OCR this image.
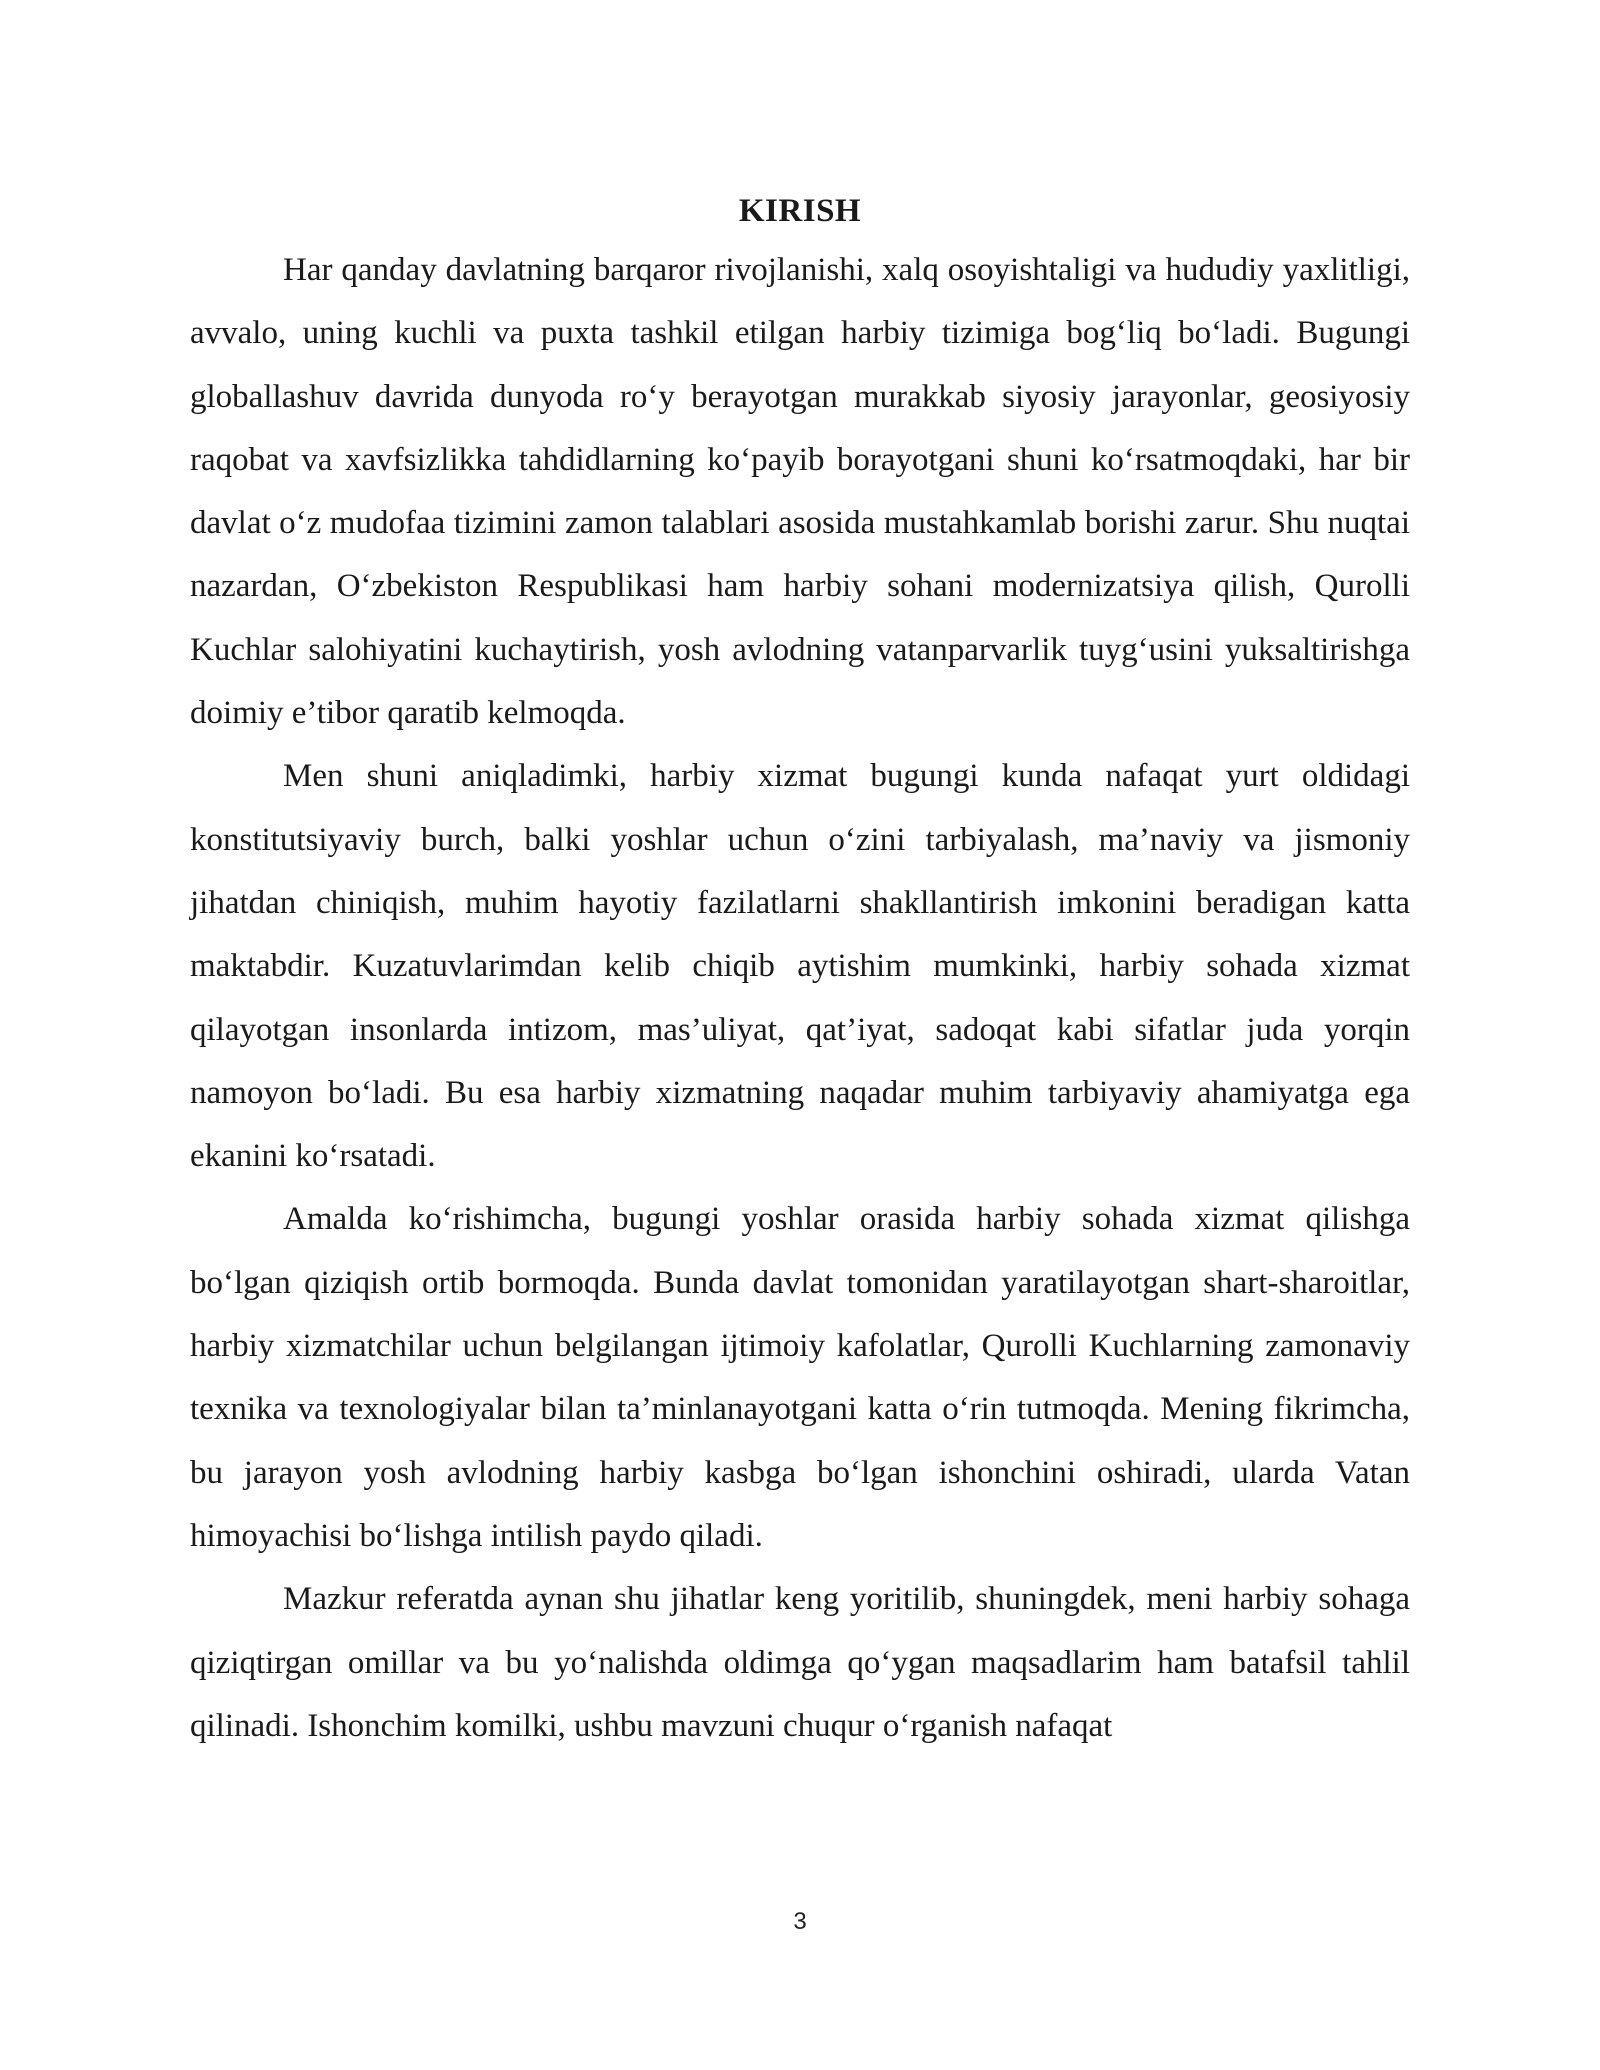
KIRISH

Har qanday davlatning barqaror rivojlanishi, xalq osoyishtaligi va hududiy yaxlitligi, avvalo, uning kuchli va puxta tashkil etilgan harbiy tizimiga bog‘liq bo‘ladi. Bugungi globallashuv davrida dunyoda ro‘y berayotgan murakkab siyosiy jarayonlar, geosiyosiy raqobat va xavfsizlikka tahdidlarning ko‘payib borayotgani shuni ko‘rsatmoqdaki, har bir davlat o‘z mudofaa tizimini zamon talablari asosida mustahkamlab borishi zarur. Shu nuqtai nazardan, O‘zbekiston Respublikasi ham harbiy sohani modernizatsiya qilish, Qurolli Kuchlar salohiyatini kuchaytirish, yosh avlodning vatanparvarlik tuyg‘usini yuksaltirishga doimiy e’tibor qaratib kelmoqda.

Men shuni aniqladimki, harbiy xizmat bugungi kunda nafaqat yurt oldidagi konstitutsiyaviy burch, balki yoshlar uchun o‘zini tarbiyalash, ma’naviy va jismoniy jihatdan chiniqish, muhim hayotiy fazilatlarni shakllantirish imkonini beradigan katta maktabdir. Kuzatuvlarimdan kelib chiqib aytishim mumkinki, harbiy sohada xizmat qilayotgan insonlarda intizom, mas’uliyat, qat’iyat, sadoqat kabi sifatlar juda yorqin namoyon bo‘ladi. Bu esa harbiy xizmatning naqadar muhim tarbiyaviy ahamiyatga ega ekanini ko‘rsatadi.

Amalda ko‘rishimcha, bugungi yoshlar orasida harbiy sohada xizmat qilishga bo‘lgan qiziqish ortib bormoqda. Bunda davlat tomonidan yaratilayotgan shart-sharoitlar, harbiy xizmatchilar uchun belgilangan ijtimoiy kafolatlar, Qurolli Kuchlarning zamonaviy texnika va texnologiyalar bilan ta’minlanayotgani katta o‘rin tutmoqda. Mening fikrimcha, bu jarayon yosh avlodning harbiy kasbga bo‘lgan ishonchini oshiradi, ularda Vatan himoyachisi bo‘lishga intilish paydo qiladi.

Mazkur referatda aynan shu jihatlar keng yoritilib, shuningdek, meni harbiy sohaga qiziqtirgan omillar va bu yo‘nalishda oldimga qo‘ygan maqsadlarim ham batafsil tahlil qilinadi. Ishonchim komilki, ushbu mavzuni chuqur o‘rganish nafaqat

3
